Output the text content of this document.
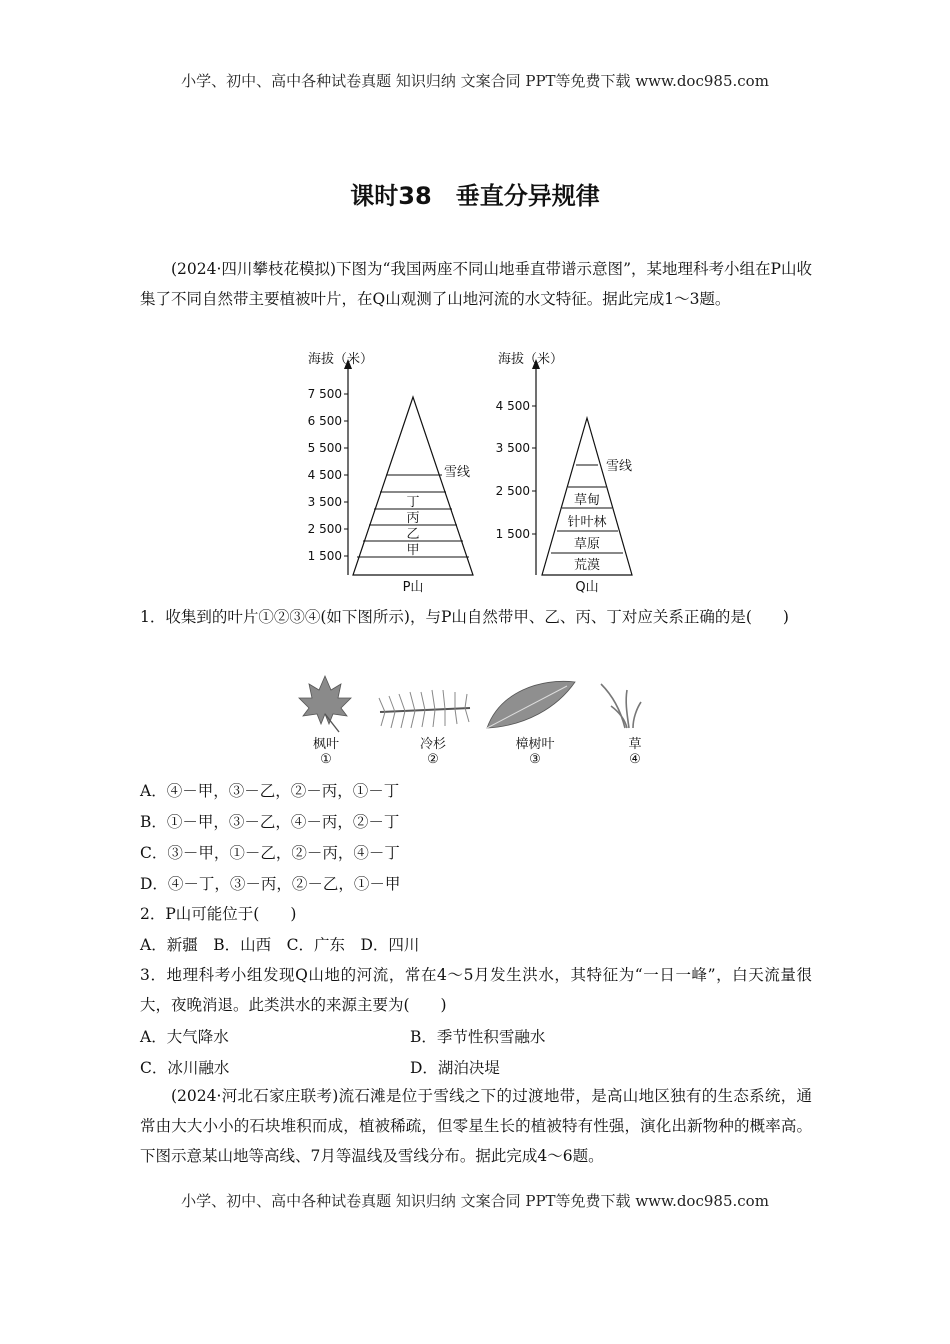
小学、初中、高中各种试卷真题 知识归纳 文案合同 PPT等免费下载 www.doc985.com
课时38　垂直分异规律
(2024·四川攀枝花模拟)下图为“我国两座不同山地垂直带谱示意图”，某地理科考小组在P山收集了不同自然带主要植被叶片，在Q山观测了山地河流的水文特征。据此完成1～3题。
海拔（米）
7 500
6 500
5 500
4 500
3 500
2 500
1 500
雪线
丁
丙
乙
甲
P山
海拔（米）
4 500
3 500
2 500
1 500
雪线
草甸
针叶林
草原
荒漠
Q山
1．收集到的叶片①②③④(如下图所示)，与P山自然带甲、乙、丙、丁对应关系正确的是(　　)
枫叶
①
冷杉
②
樟树叶
③
草
④
A．④－甲，③－乙，②－丙，①－丁
B．①－甲，③－乙，④－丙，②－丁
C．③－甲，①－乙，②－丙，④－丁
D．④－丁，③－丙，②－乙，①－甲
2．P山可能位于(　　)
A．新疆　B．山西　C．广东　D．四川
3．地理科考小组发现Q山地的河流，常在4～5月发生洪水，其特征为“一日一峰”，白天流量很大，夜晚消退。此类洪水的来源主要为(　　)
A．大气降水	B．季节性积雪融水
C．冰川融水	D．湖泊决堤
(2024·河北石家庄联考)流石滩是位于雪线之下的过渡地带，是高山地区独有的生态系统，通常由大大小小的石块堆积而成，植被稀疏，但零星生长的植被特有性强，演化出新物种的概率高。下图示意某山地等高线、7月等温线及雪线分布。据此完成4～6题。
小学、初中、高中各种试卷真题 知识归纳 文案合同 PPT等免费下载 www.doc985.com
